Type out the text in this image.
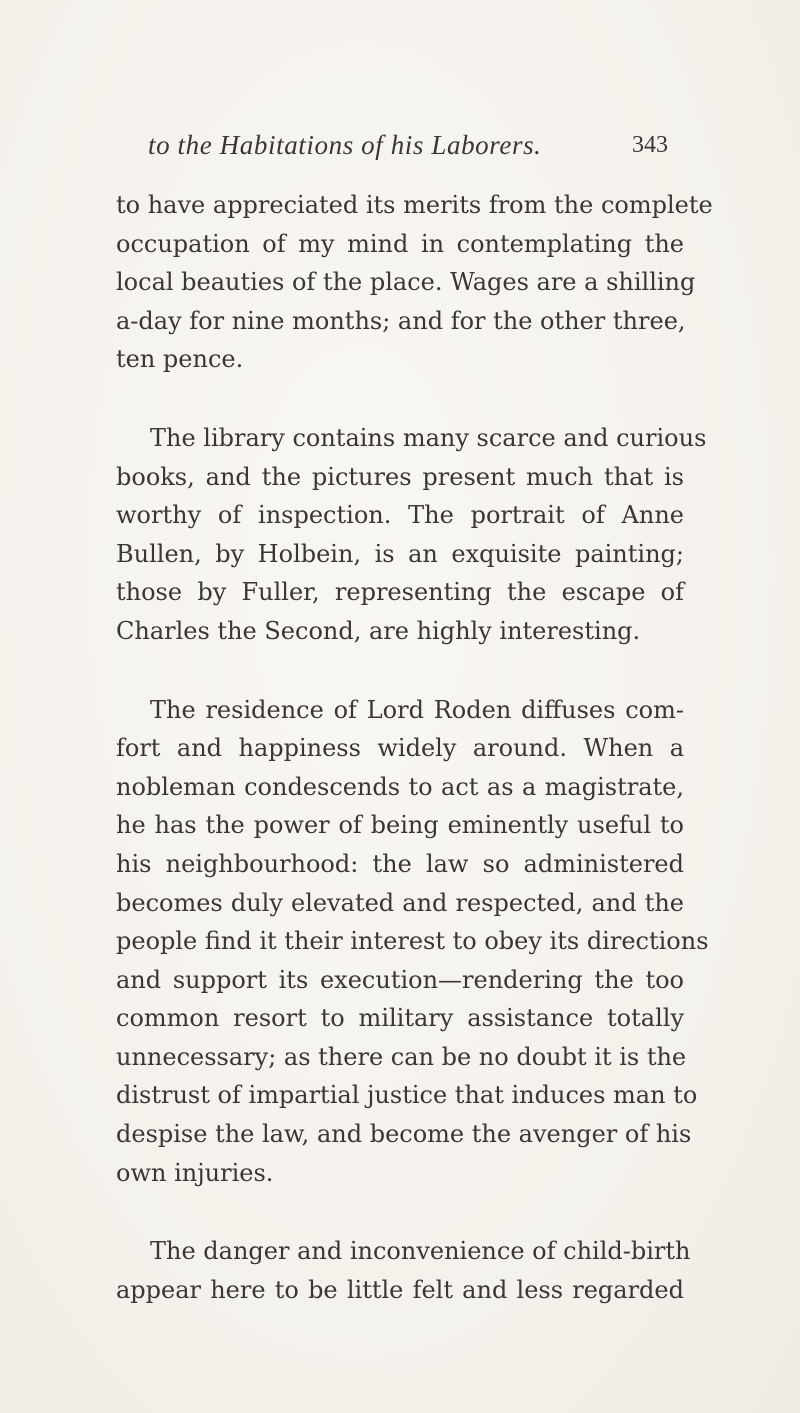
to the Habitations of his Laborers.	343
to have appreciated its merits from the complete
occupation of my mind in contemplating the
local beauties of the place. Wages are a shilling
a-day for nine months; and for the other three,
ten pence.
The library contains many scarce and curious
books, and the pictures present much that is
worthy of inspection. The portrait of Anne
Bullen, by Holbein, is an exquisite painting;
those by Fuller, representing the escape of
Charles the Second, are highly interesting.
The residence of Lord Roden diffuses com-
fort and happiness widely around. When a
nobleman condescends to act as a magistrate,
he has the power of being eminently useful to
his neighbourhood: the law so administered
becomes duly elevated and respected, and the
people find it their interest to obey its directions
and support its execution—rendering the too
common resort to military assistance totally
unnecessary; as there can be no doubt it is the
distrust of impartial justice that induces man to
despise the law, and become the avenger of his
own injuries.
The danger and inconvenience of child-birth
appear here to be little felt and less regarded
